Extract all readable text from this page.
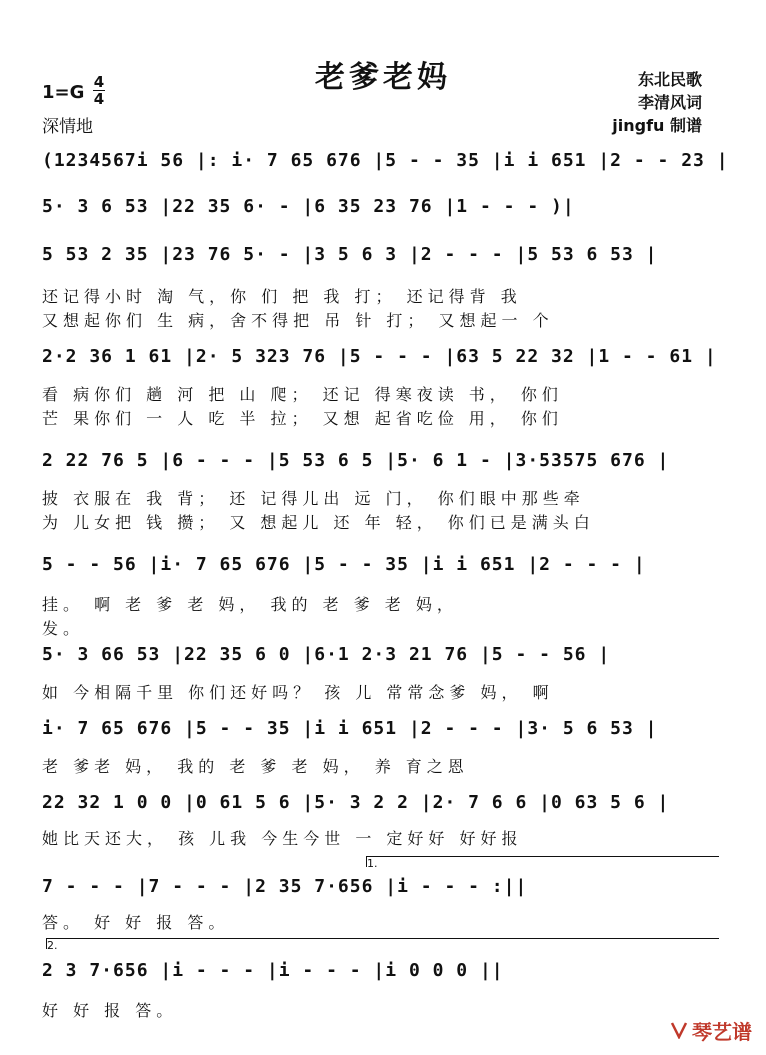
老爹老妈
1=G 4
4
深情地
东北民歌
李清风词
jingfu 制谱
(1234567i 56 |: i· 7 65 676 |5 - - 35 |i i 651 |2 - - 23 |
5· 3 6 53 |22 35 6· - |6 35 23 76 |1 - - - )|
5 53 2 35 |23 76 5· - |3 5 6 3 |2 - - - |5 53 6 53 |
还记得小时 淘 气，你 们 把 我 打； 还记得背 我
又想起你们 生 病，舍不得把 吊 针 打； 又想起一 个
2·2 36 1 61 |2· 5 323 76 |5 - - - |63 5 22 32 |1 - - 61 |
看 病你们 趟 河 把 山 爬； 还记 得寒夜读 书， 你们
芒 果你们 一 人 吃 半 拉； 又想 起省吃俭 用， 你们
2 22 76 5 |6 - - - |5 53 6 5 |5· 6 1 - |3·53575 676 |
披 衣服在 我 背； 还 记得儿出 远 门， 你们眼中那些牵
为 儿女把 钱 攒； 又 想起儿 还 年 轻， 你们已是满头白
5 - - 56 |i· 7 65 676 |5 - - 35 |i i 651 |2 - - - |
挂。 啊 老 爹 老 妈， 我的 老 爹 老 妈，
发。
5· 3 66 53 |22 35 6 0 |6·1 2·3 21 76 |5 - - 56 |
如 今相隔千里 你们还好吗？ 孩 儿 常常念爹 妈， 啊
i· 7 65 676 |5 - - 35 |i i 651 |2 - - - |3· 5 6 53 |
老 爹老 妈， 我的 老 爹 老 妈， 养 育之恩
22 32 1 0 0 |0 61 5 6 |5· 3 2 2 |2· 7 6 6 |0 63 5 6 |
她比天还大， 孩 儿我 今生今世 一 定好好 好好报
1.
7 - - - |7 - - - |2 35 7·656 |i - - - :||
答。 好 好 报 答。
2.
2 3 7·656 |i - - - |i - - - |i 0 0 0 ||
好 好 报 答。
琴艺谱
